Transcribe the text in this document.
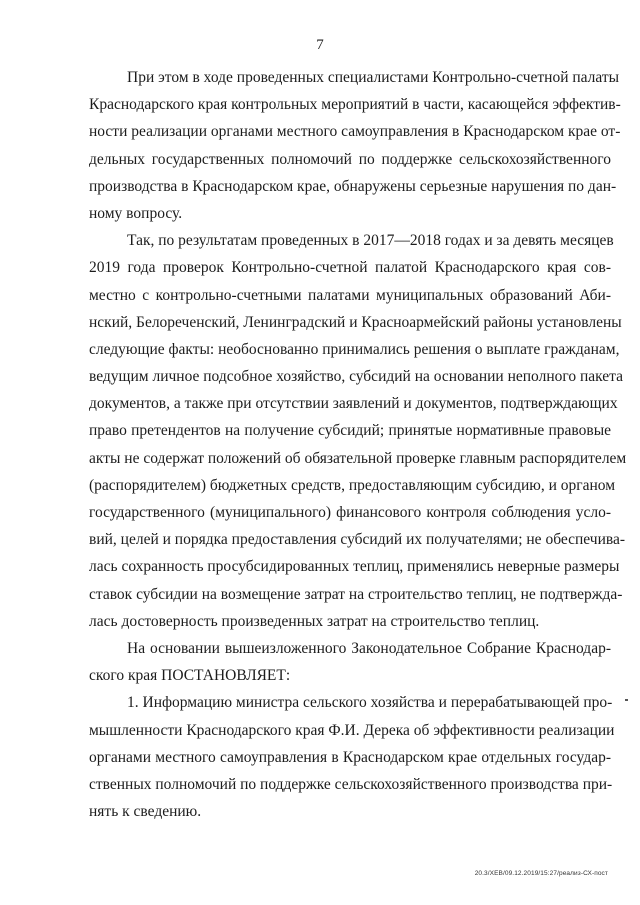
7
При этом в ходе проведенных специалистами Контрольно-счетной палаты
Краснодарского края контрольных мероприятий в части, касающейся эффектив-
ности реализации органами местного самоуправления в Краснодарском крае от-
дельных государственных полномочий по поддержке сельскохозяйственного
производства в Краснодарском крае, обнаружены серьезные нарушения по дан-
ному вопросу.
Так, по результатам проведенных в 2017—2018 годах и за девять месяцев
2019 года проверок Контрольно-счетной палатой Краснодарского края сов-
местно с контрольно-счетными палатами муниципальных образований Аби-
нский, Белореченский, Ленинградский и Красноармейский районы установлены
следующие факты: необоснованно принимались решения о выплате гражданам,
ведущим личное подсобное хозяйство, субсидий на основании неполного пакета
документов, а также при отсутствии заявлений и документов, подтверждающих
право претендентов на получение субсидий; принятые нормативные правовые
акты не содержат положений об обязательной проверке главным распорядителем
(распорядителем) бюджетных средств, предоставляющим субсидию, и органом
государственного (муниципального) финансового контроля соблюдения усло-
вий, целей и порядка предоставления субсидий их получателями; не обеспечива-
лась сохранность просубсидированных теплиц, применялись неверные размеры
ставок субсидии на возмещение затрат на строительство теплиц, не подтвержда-
лась достоверность произведенных затрат на строительство теплиц.
На основании вышеизложенного Законодательное Собрание Краснодар-
ского края ПОСТАНОВЛЯЕТ:
1. Информацию министра сельского хозяйства и перерабатывающей про-
мышленности Краснодарского края Ф.И. Дерека об эффективности реализации
органами местного самоуправления в Краснодарском крае отдельных государ-
ственных полномочий по поддержке сельскохозяйственного производства при-
нять к сведению.
20.3/ХЕВ/09.12.2019/15:27/реализ-СХ-пост
